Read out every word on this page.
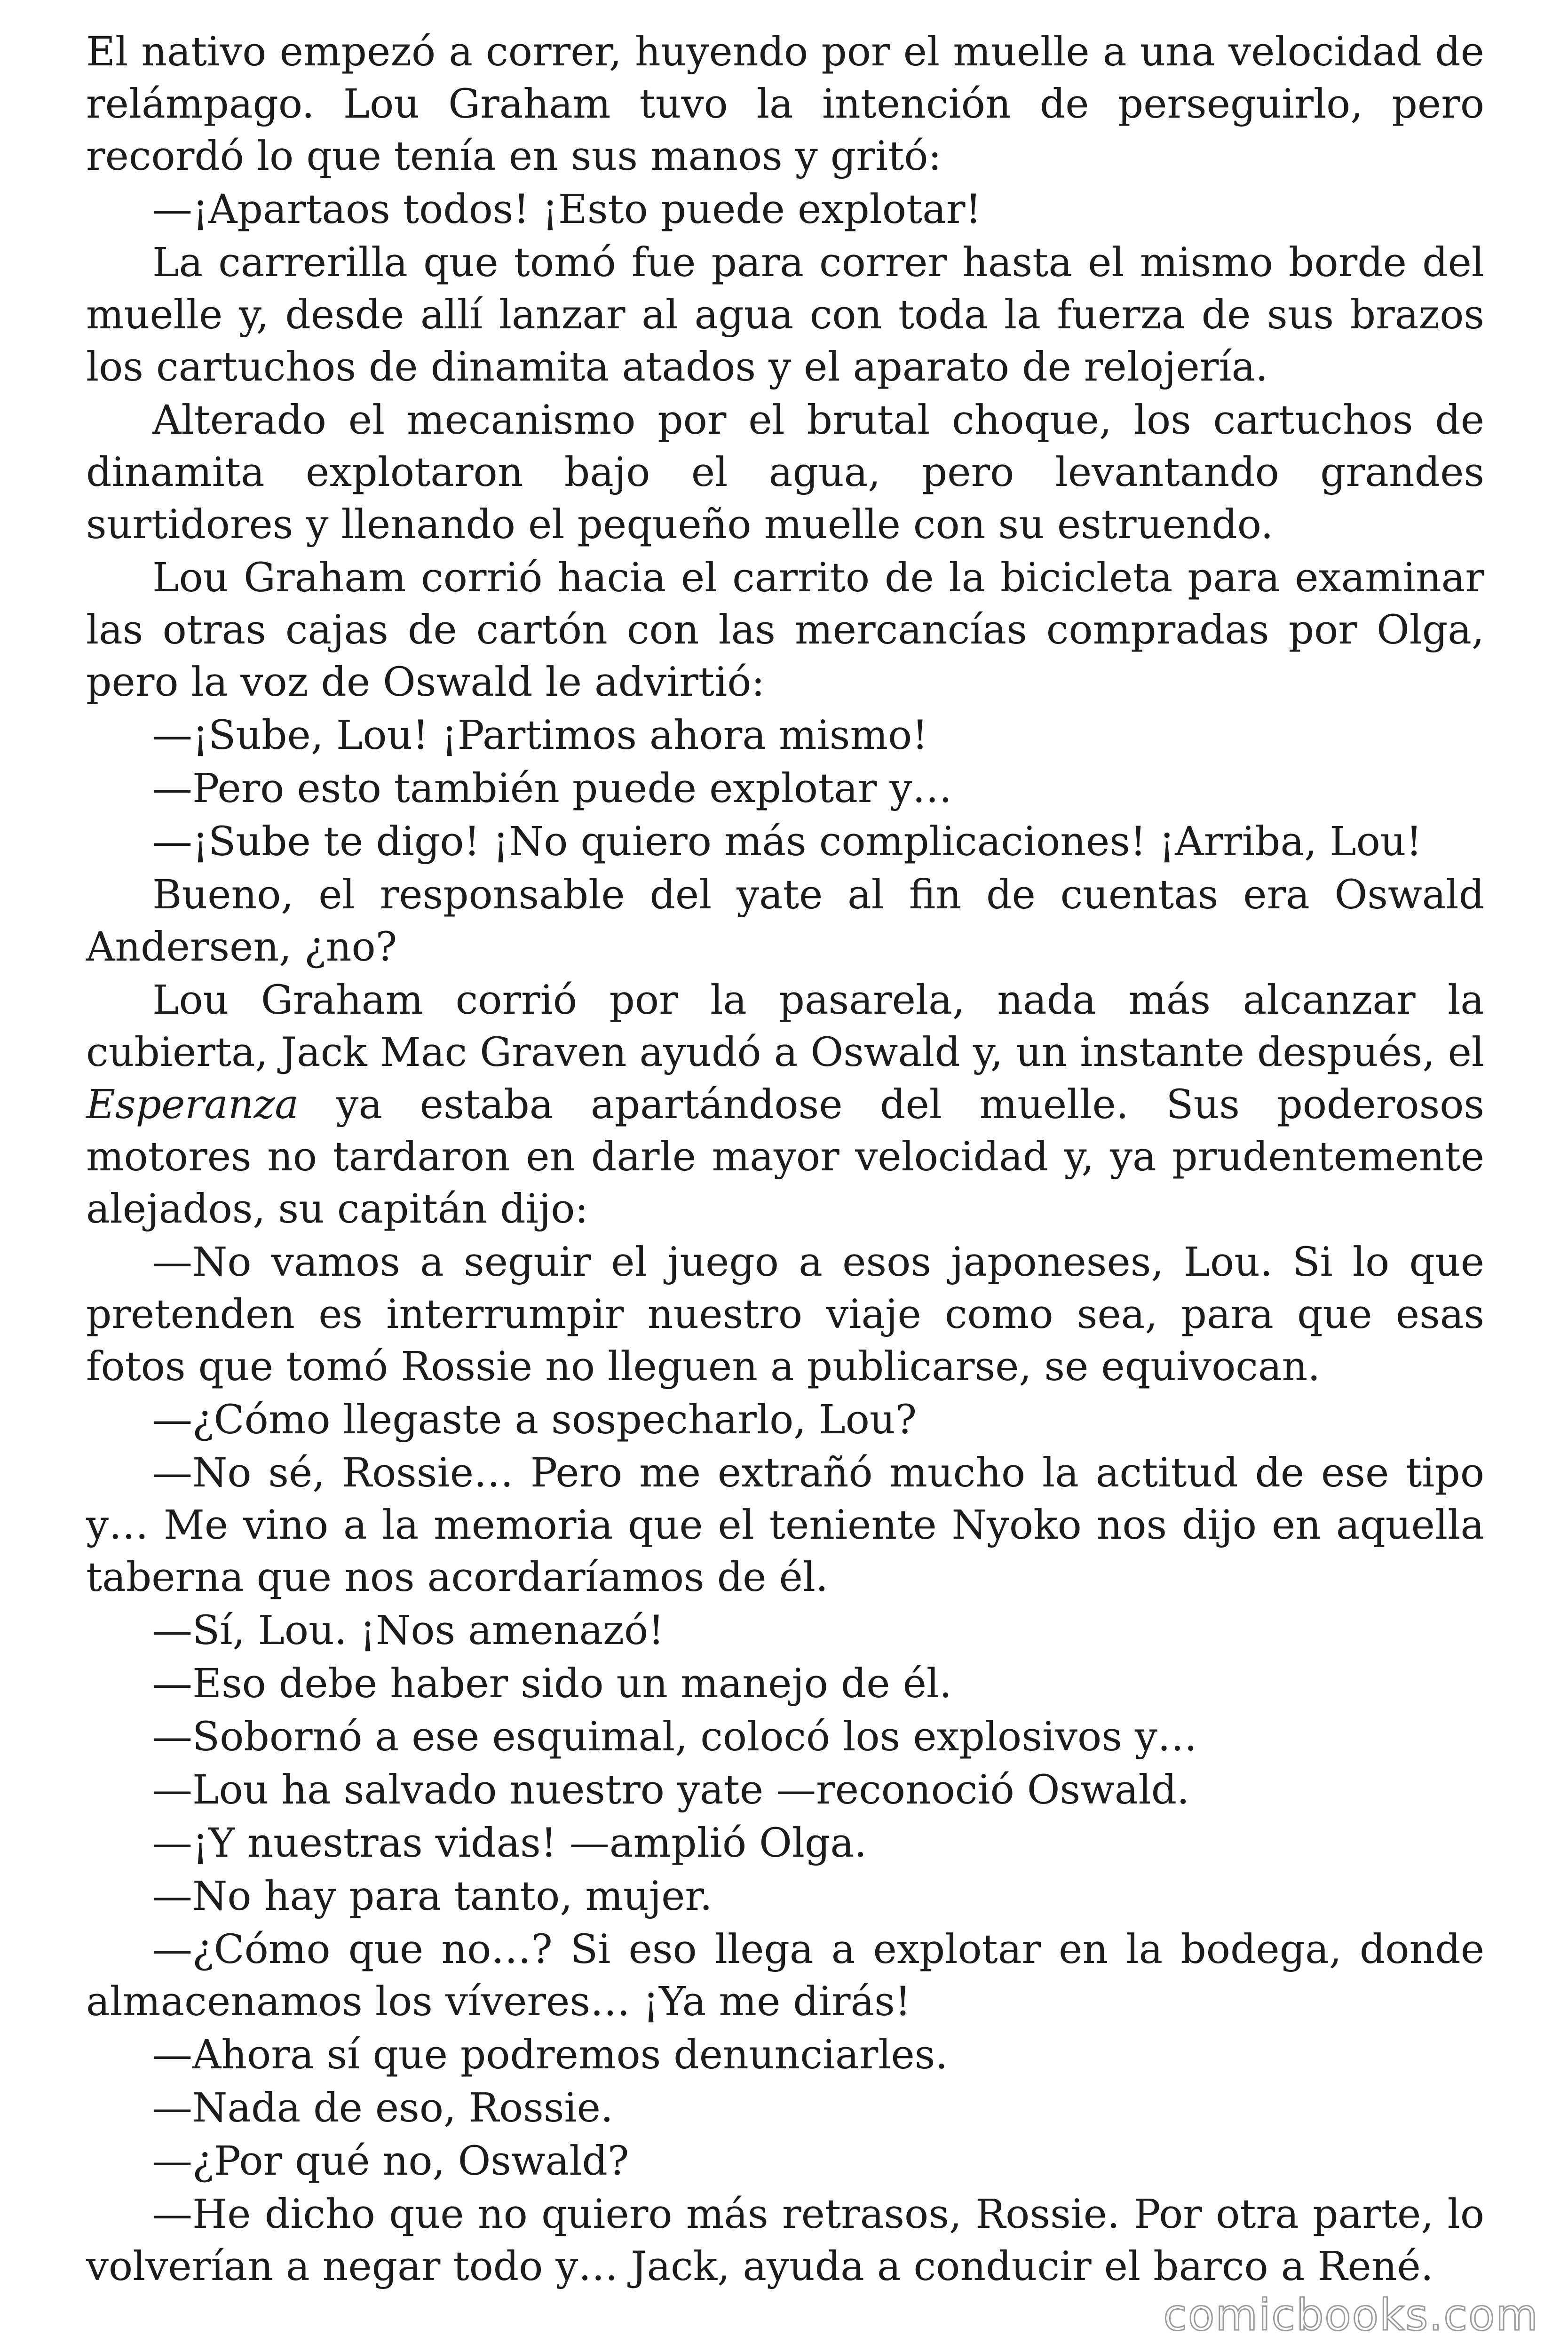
El nativo empezó a correr, huyendo por el muelle a una velocidad de relámpago. Lou Graham tuvo la intención de perseguirlo, pero recordó lo que tenía en sus manos y gritó:

—¡Apartaos todos! ¡Esto puede explotar!

La carrerilla que tomó fue para correr hasta el mismo borde del muelle y, desde allí lanzar al agua con toda la fuerza de sus brazos los cartuchos de dinamita atados y el aparato de relojería.

Alterado el mecanismo por el brutal choque, los cartuchos de dinamita explotaron bajo el agua, pero levantando grandes surtidores y llenando el pequeño muelle con su estruendo.

Lou Graham corrió hacia el carrito de la bicicleta para examinar las otras cajas de cartón con las mercancías compradas por Olga, pero la voz de Oswald le advirtió:

—¡Sube, Lou! ¡Partimos ahora mismo!

—Pero esto también puede explotar y…

—¡Sube te digo! ¡No quiero más complicaciones! ¡Arriba, Lou!

Bueno, el responsable del yate al fin de cuentas era Oswald Andersen, ¿no?

Lou Graham corrió por la pasarela, nada más alcanzar la cubierta, Jack Mac Graven ayudó a Oswald y, un instante después, el Esperanza ya estaba apartándose del muelle. Sus poderosos motores no tardaron en darle mayor velocidad y, ya prudentemente alejados, su capitán dijo:

—No vamos a seguir el juego a esos japoneses, Lou. Si lo que pretenden es interrumpir nuestro viaje como sea, para que esas fotos que tomó Rossie no lleguen a publicarse, se equivocan.

—¿Cómo llegaste a sospecharlo, Lou?

—No sé, Rossie… Pero me extrañó mucho la actitud de ese tipo y… Me vino a la memoria que el teniente Nyoko nos dijo en aquella taberna que nos acordaríamos de él.

—Sí, Lou. ¡Nos amenazó!

—Eso debe haber sido un manejo de él.

—Sobornó a ese esquimal, colocó los explosivos y…

—Lou ha salvado nuestro yate —reconoció Oswald.

—¡Y nuestras vidas! —amplió Olga.

—No hay para tanto, mujer.

—¿Cómo que no…? Si eso llega a explotar en la bodega, donde almacenamos los víveres… ¡Ya me dirás!

—Ahora sí que podremos denunciarles.

—Nada de eso, Rossie.

—¿Por qué no, Oswald?

—He dicho que no quiero más retrasos, Rossie. Por otra parte, lo volverían a negar todo y… Jack, ayuda a conducir el barco a René.

comicbooks.com
